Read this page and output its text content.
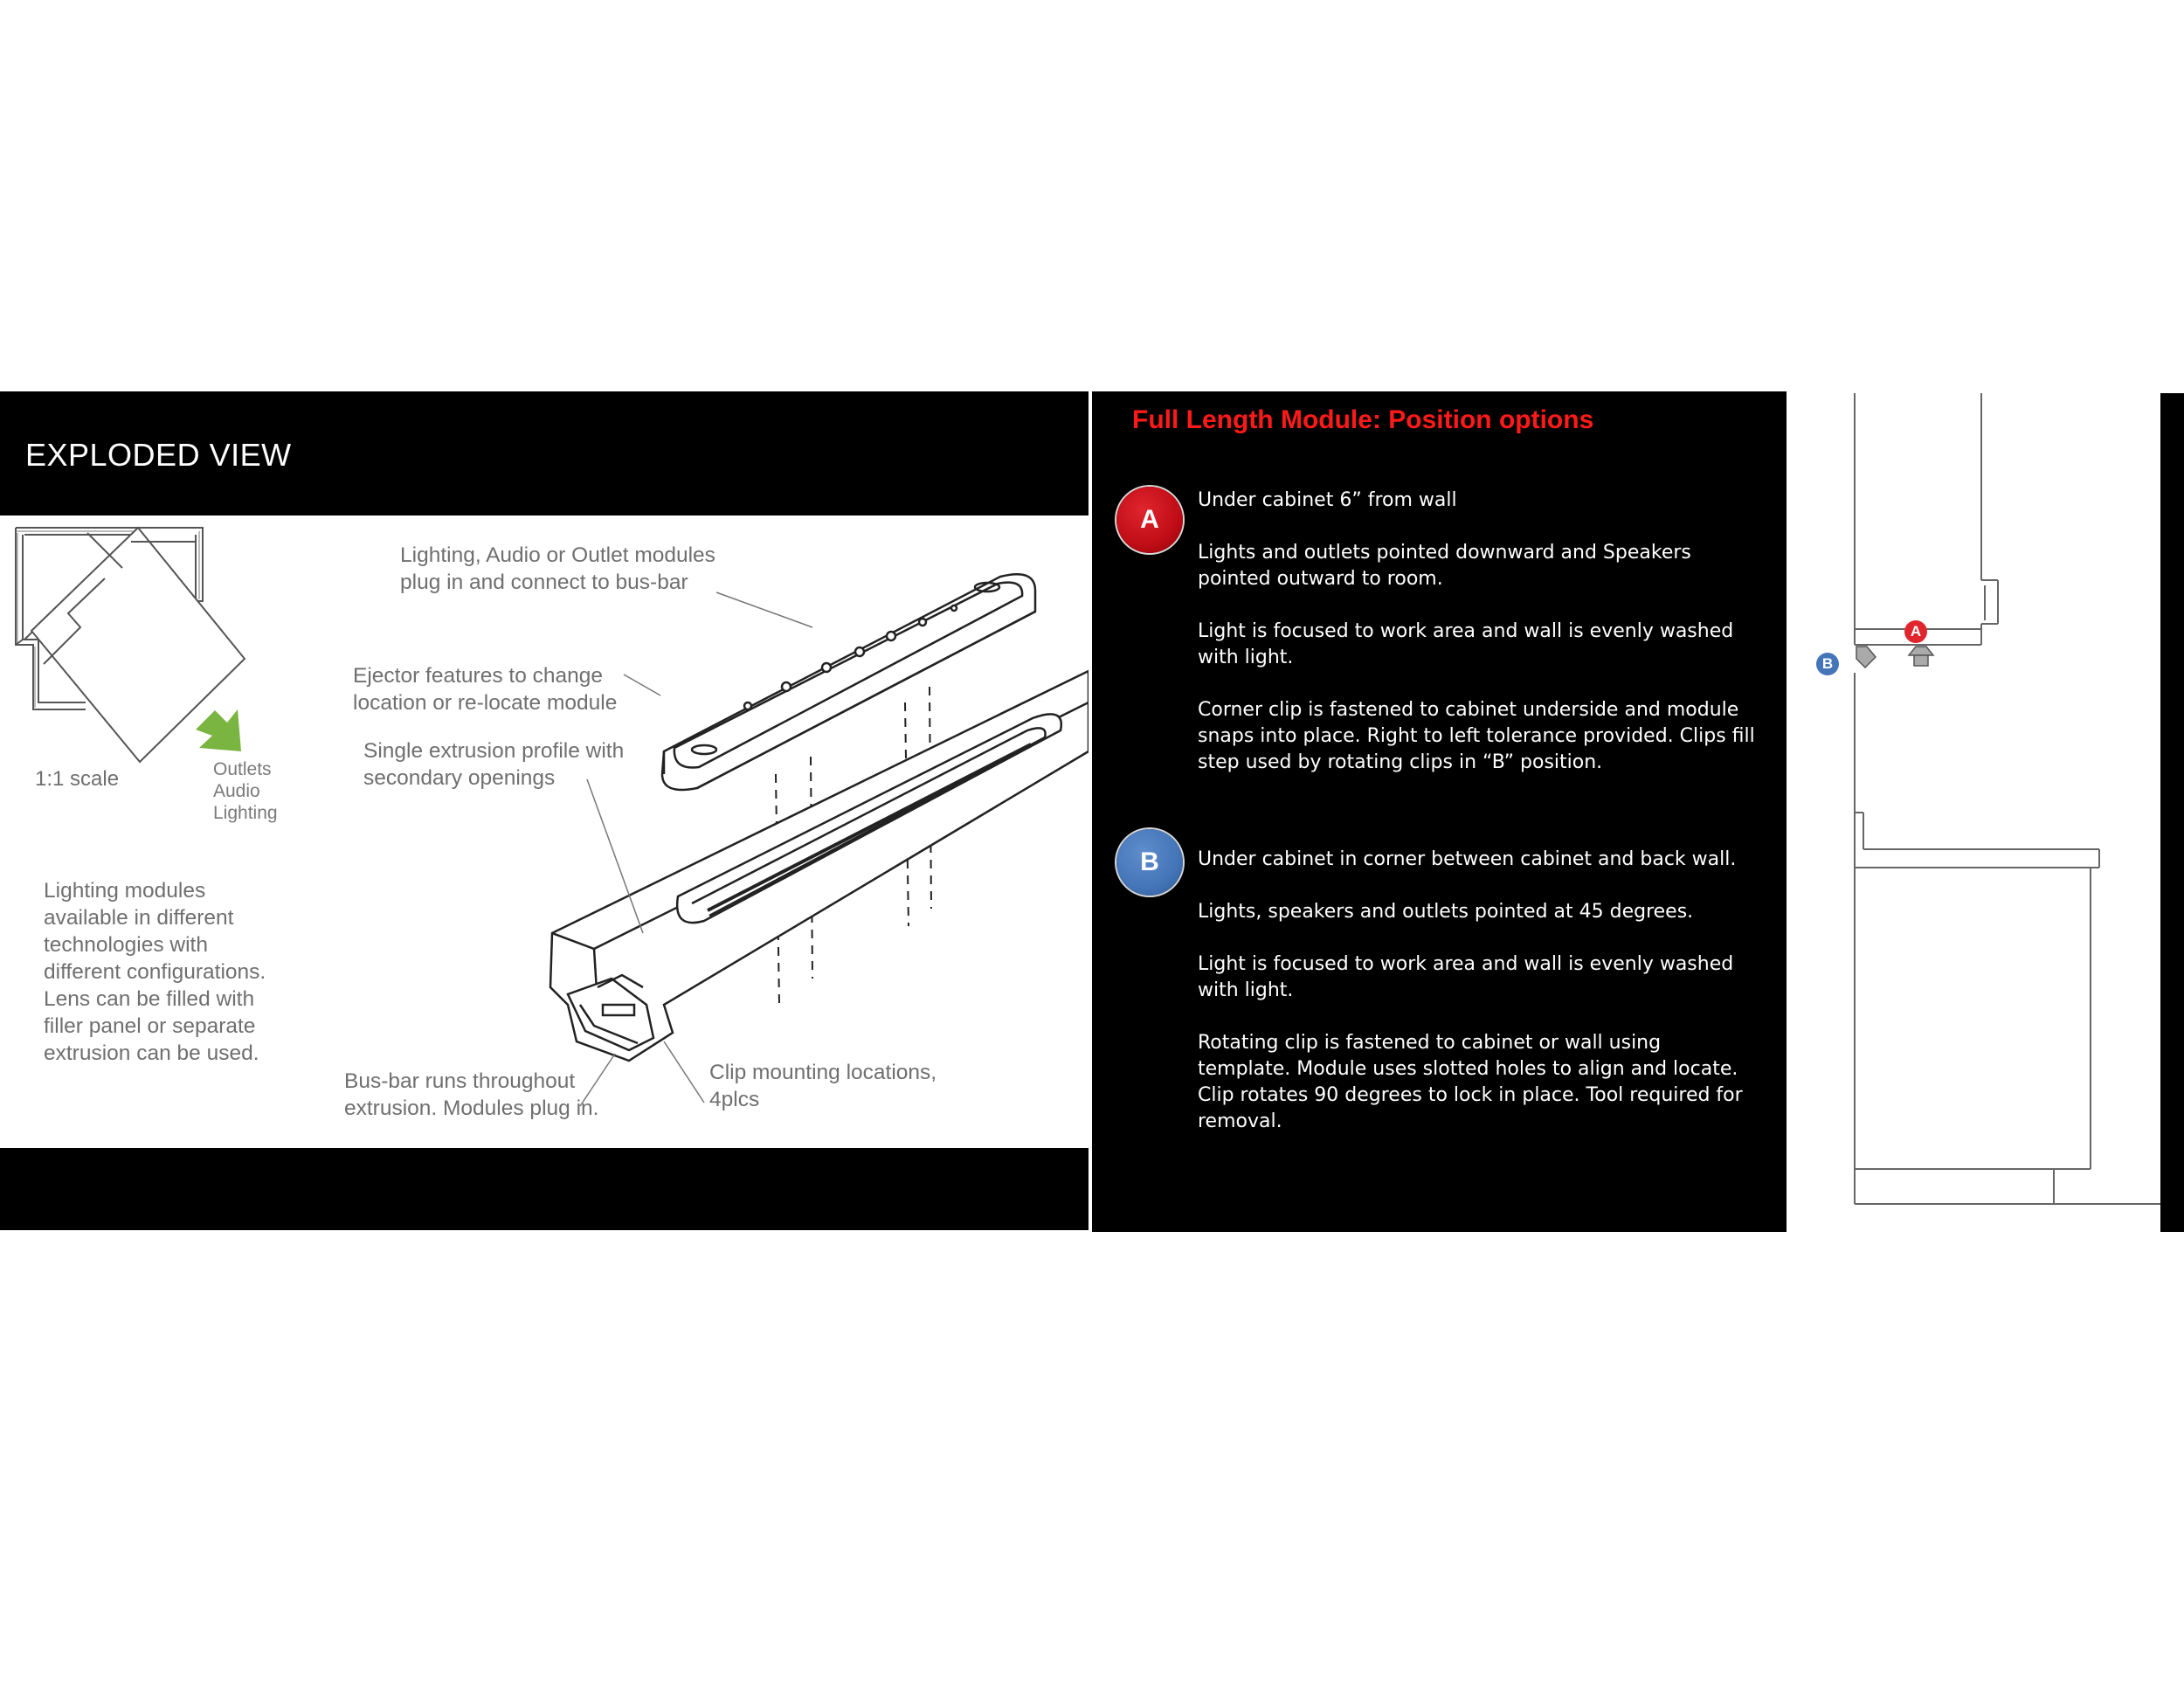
EXPLODED VIEW
1:1 scale	Outlets
Audio
Lighting
Lighting modules
available in different
technologies with
different configurations.
Lens can be filled with
filler panel or separate
extrusion can be used.
Lighting, Audio or Outlet modules
plug in and connect to bus-bar
Ejector features to change
location or re-locate module
Single extrusion profile with
secondary openings
Bus-bar runs throughout
extrusion. Modules plug in.
Clip mounting locations,
4plcs
Full Length Module: Position options
A

Under cabinet 6” from wall

Lights and outlets pointed downward and Speakers
pointed outward to room.

Light is focused to work area and wall is evenly washed
with light.

Corner clip is fastened to cabinet underside and module
snaps into place. Right to left tolerance provided. Clips fill
step used by rotating clips in “B” position.

B	Under cabinet in corner between cabinet and back wall.

Lights, speakers and outlets pointed at 45 degrees.

Light is focused to work area and wall is evenly washed
with light.

Rotating clip is fastened to cabinet or wall using
template. Module uses slotted holes to align and locate.
Clip rotates 90 degrees to lock in place. Tool required for
removal.

A
B
